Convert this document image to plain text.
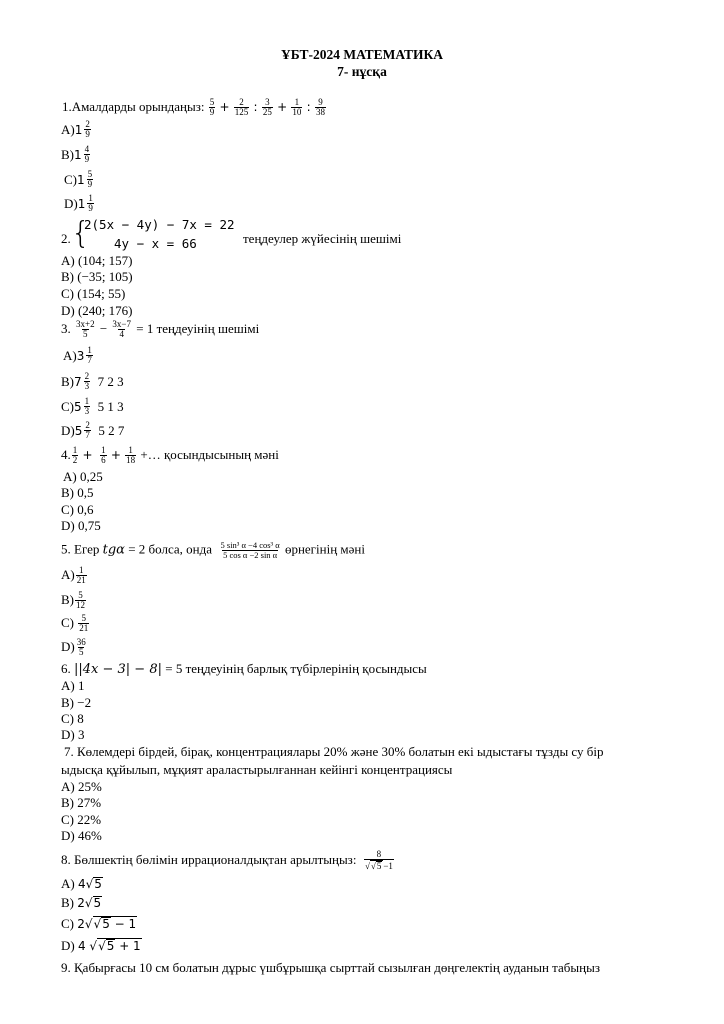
ҰБТ-2024 МАТЕМАТИКА
7- нұсқа
1.Амалдарды орындаңыз: $\frac{5}{9} + \frac{2}{125}$ : $\frac{3}{25} + \frac{1}{10}$ : $\frac{9}{38}$
A) $1 \frac{2}{9}$
B) $1 \frac{4}{9}$
C) $1 \frac{5}{9}$
D) $1 \frac{1}{9}$
2. {
2(5x − 4y) − 7x = 22
4y − x = 66	теңдеулер жүйесінің шешімі
A) (104; 157)
B) (−35; 105)
C) (154; 55)
D) (240; 176)
3. $\frac{3x+2}{5} - \frac{3x-7}{4} = 1$ теңдеуінің шешімі
A) $3 \frac{1}{7}$
B) $7 \frac{2}{3}$
7 2 3
C) $5 \frac{1}{3}$
5 1 3
D) $5 \frac{2}{7}$
5 2 7
4. $\frac{1}{2} + \frac{1}{6} + \frac{1}{18}$ +… қосындысының мәні
A) 0,25
B) 0,5
C) 0,6
D) 0,75
5. Егер tgα = 2 болса, онда $\frac{\text{5 sin³ α −4 cos³ α}}{\text{5 cos α −2 sin α}}$ өрнегінің мәні
$A) \frac{1}{21}$
$B) \frac{5}{12}$
$C) \frac{5}{21}$
$D) \frac{36}{5}$
6. ||4x − 3| − 8| = 5 теңдеуінің барлық түбірлерінің қосындысы
A) 1
B) −2
C) 8
D) 3
7. Көлемдері бірдей, бірақ, концентрациялары 20% және 30% болатын екі ыдыстағы тұзды су бір
ыдысқа құйылып, мұқият араластырылғаннан кейінгі концентрациясы
A) 25%
B) 27%
C) 22%
D) 46%
8. Бөлшектің бөлімін иррационалдықтан арылтыңыз: $\frac{8}{√√5 -1}$
A) 4√5
B) 2√5
C) 2√√5 − 1
D) 4 √√5 + 1
9. Қабырғасы 10 см болатын дұрыс үшбұрышқа сырттай сызылған дөңгелектің ауданын табыңыз
